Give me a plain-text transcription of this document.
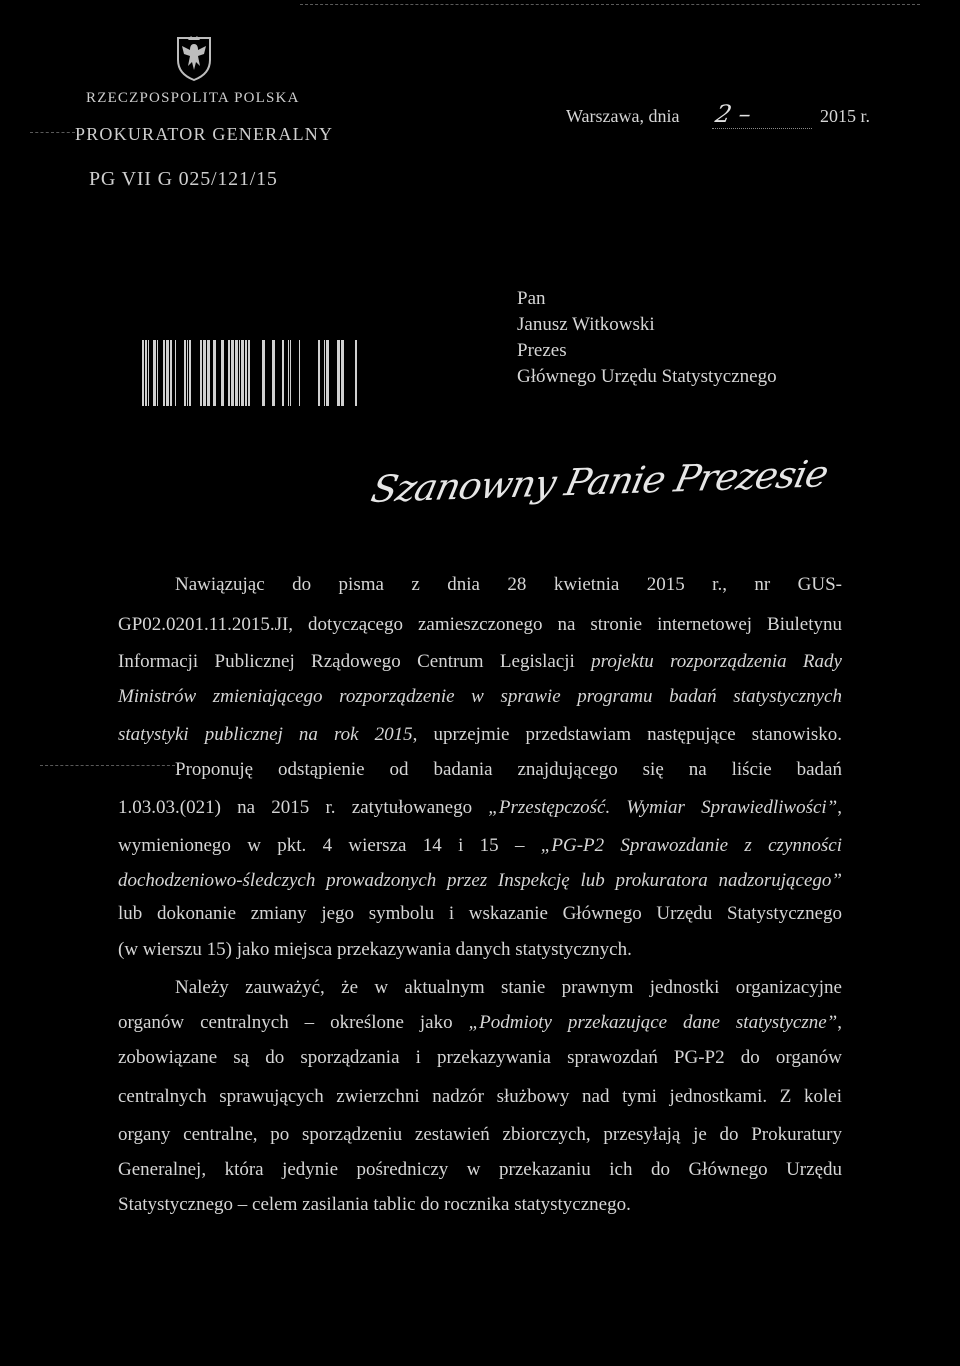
RZECZPOSPOLITA POLSKA
PROKURATOR GENERALNY
PG VII G 025/121/15
Warszawa, dnia 2 –	2015 r.
Pan
Janusz Witkowski
Prezes
Głównego Urzędu Statystycznego
Szanowny Panie Prezesie
Nawiązując do pisma z dnia 28 kwietnia 2015 r., nr GUS-
GP02.0201.11.2015.JI, dotyczącego zamieszczonego na stronie internetowej Biuletynu
Informacji Publicznej Rządowego Centrum Legislacji projektu rozporządzenia Rady
Ministrów zmieniającego rozporządzenie w sprawie programu badań statystycznych
statystyki publicznej na rok 2015, uprzejmie przedstawiam następujące stanowisko.
Proponuję odstąpienie od badania znajdującego się na liście badań
1.03.03.(021) na 2015 r. zatytułowanego „Przestępczość. Wymiar Sprawiedliwości”,
wymienionego w pkt. 4 wiersza 14 i 15 – „PG-P2 Sprawozdanie z czynności
dochodzeniowo-śledczych prowadzonych przez Inspekcję lub prokuratora nadzorującego”
lub dokonanie zmiany jego symbolu i wskazanie Głównego Urzędu Statystycznego
(w wierszu 15) jako miejsca przekazywania danych statystycznych.
Należy zauważyć, że w aktualnym stanie prawnym jednostki organizacyjne
organów centralnych – określone jako „Podmioty przekazujące dane statystyczne”,
zobowiązane są do sporządzania i przekazywania sprawozdań PG-P2 do organów
centralnych sprawujących zwierzchni nadzór służbowy nad tymi jednostkami. Z kolei
organy centralne, po sporządzeniu zestawień zbiorczych, przesyłają je do Prokuratury
Generalnej, która jedynie pośredniczy w przekazaniu ich do Głównego Urzędu
Statystycznego – celem zasilania tablic do rocznika statystycznego.
